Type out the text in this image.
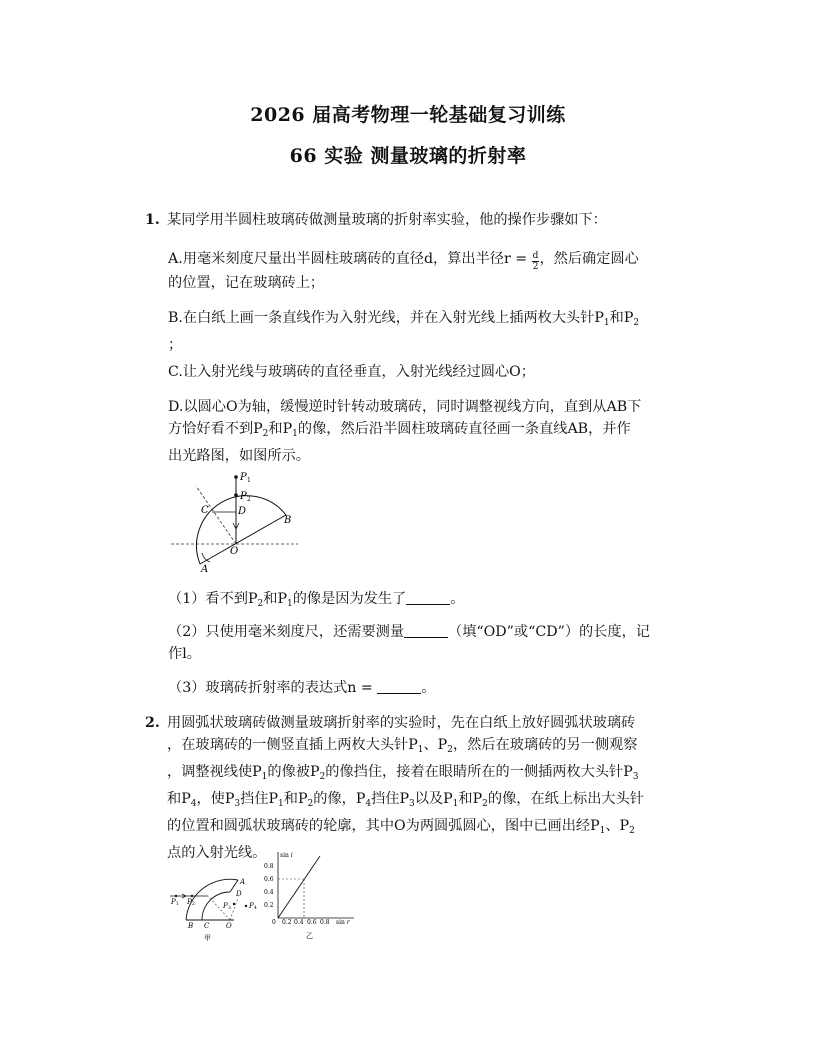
2026 届高考物理一轮基础复习训练
66 实验 测量玻璃的折射率
1. 某同学用半圆柱玻璃砖做测量玻璃的折射率实验，他的操作步骤如下：
A.用毫米刻度尺量出半圆柱玻璃砖的直径d，算出半径$r = \frac{d}{2}$ ，然后确定圆心
的位置，记在玻璃砖上；
B.在白纸上画一条直线作为入射光线，并在入射光线上插两枚大头针$P_1$和$P_2$
；
C.让入射光线与玻璃砖的直径垂直，入射光线经过圆心O；
D.以圆心O为轴，缓慢逆时针转动玻璃砖，同时调整视线方向，直到从AB下
方恰好看不到$P_2$和$P_1$的像，然后沿半圆柱玻璃砖直径画一条直线AB，并作
出光路图，如图所示。
P 1
P 2
D
C
B
O
A
（1）看不到$P_2$和$P_1$的像是因为发生了	。
（2）只使用毫米刻度尺，还需要测量	（填“OD”或“CD”）的长度，记
作l。
（3）玻璃砖折射率的表达式n =	。
2. 用圆弧状玻璃砖做测量玻璃折射率的实验时，先在白纸上放好圆弧状玻璃砖
，在玻璃砖的一侧竖直插上两枚大头针$P_1$、$P_2$，然后在玻璃砖的另一侧观察
，调整视线使$P_1$的像被$P_2$的像挡住，接着在眼睛所在的一侧插两枚大头针$P_3$
和$P_4$，使$P_3$挡住$P_1$和$P_2$的像，$P_4$挡住$P_3$以及$P_1$和$P_2$的像，在纸上标出大头针
的位置和圆弧状玻璃砖的轮廓，其中O为两圆弧圆心，图中已画出经$P_1$、$P_2$
点的入射光线。
P 1 P 2	P 3	P 4
A
D
B C O
甲
sin i
0.8
0.6
0.4
0.2
0 0.2 0.4 0.6 0.8 sin r
乙
